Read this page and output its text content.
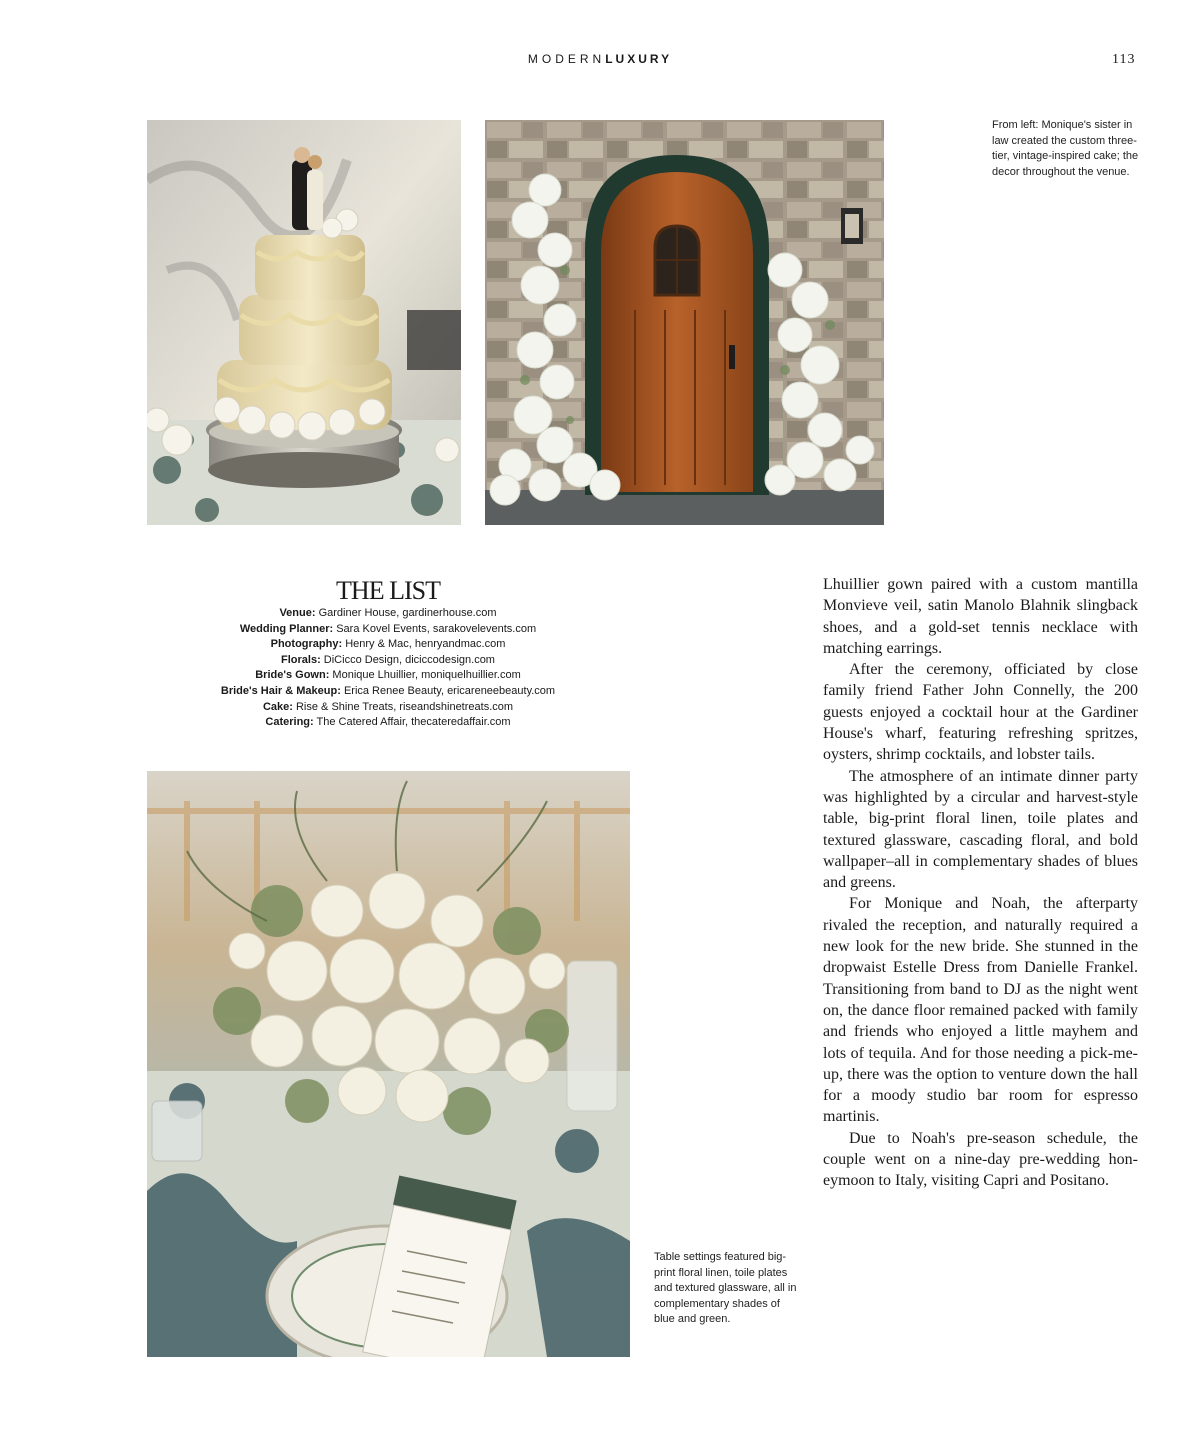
MODERNLUXURY	113
From left: Monique's sister in law created the custom three-tier, vintage-inspired cake; the decor throughout the venue.
THE LIST
Venue: Gardiner House, gardinerhouse.com
Wedding Planner: Sara Kovel Events, sarakovelevents.com
Photography: Henry & Mac, henryandmac.com
Florals: DiCicco Design, diciccodesign.com
Bride's Gown: Monique Lhuillier, moniquelhuillier.com
Bride's Hair & Makeup: Erica Renee Beauty, ericareneebeauty.com
Cake: Rise & Shine Treats, riseandshinetreats.com
Catering: The Catered Affair, thecateredaffair.com
Table settings featured big-print floral linen, toile plates and textured glassware, all in complementary shades of blue and green.

Lhuillier gown paired with a custom mantilla Monvieve veil, satin Manolo Blahnik slingback shoes, and a gold-set tennis necklace with matching earrings.

After the ceremony, officiated by close family friend Father John Connelly, the 200 guests enjoyed a cocktail hour at the Gardiner House's wharf, featuring refreshing spritzes, oysters, shrimp cocktails, and lobster tails.

The atmosphere of an intimate dinner party was highlighted by a circular and harvest-style table, big-print floral linen, toile plates and textured glassware, cascading floral, and bold wallpaper–all in complementary shades of blues and greens.

For Monique and Noah, the afterparty rivaled the reception, and naturally required a new look for the new bride. She stunned in the dropwaist Estelle Dress from Danielle Frankel. Transitioning from band to DJ as the night went on, the dance floor remained packed with family and friends who enjoyed a little mayhem and lots of tequila. And for those needing a pick-me-up, there was the option to venture down the hall for a moody studio bar room for espresso martinis.

Due to Noah's pre-season schedule, the couple went on a nine-day pre-wedding honeymoon to Italy, visiting Capri and Positano.
